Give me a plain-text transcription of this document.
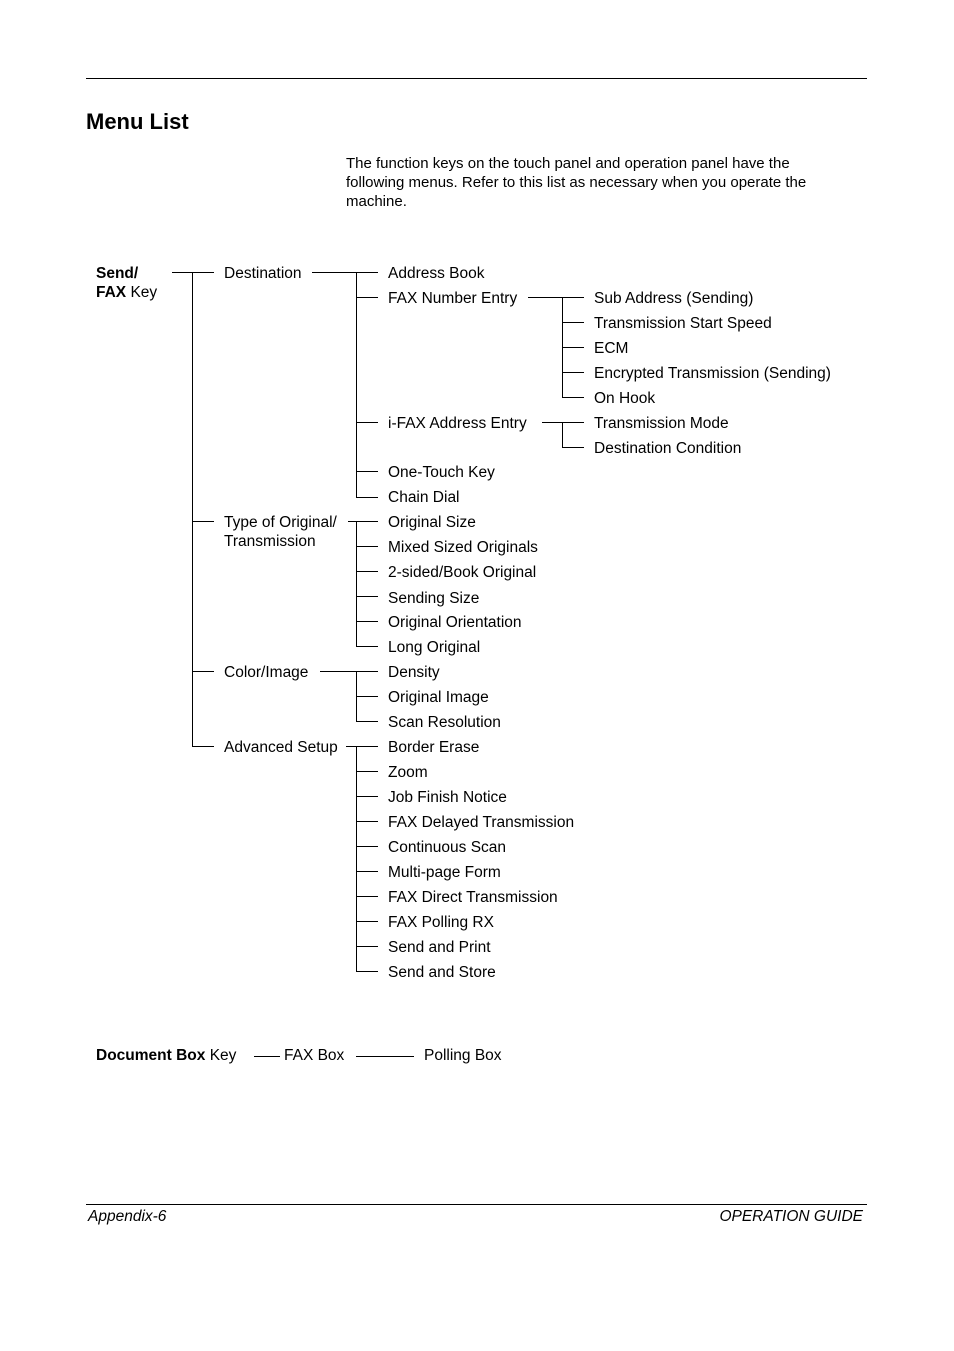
Menu List
The function keys on the touch panel and operation panel have the following menus. Refer to this list as necessary when you operate the machine.
Send/
FAX Key
Destination
Type of Original/
Transmission
Color/Image
Advanced Setup
Address Book
FAX Number Entry
i-FAX Address Entry
One-Touch Key
Chain Dial
Sub Address (Sending)
Transmission Start Speed
ECM
Encrypted Transmission (Sending)
On Hook
Transmission Mode
Destination Condition
Original Size
Mixed Sized Originals
2-sided/Book Original
Sending Size
Original Orientation
Long Original
Density
Original Image
Scan Resolution
Border Erase
Zoom
Job Finish Notice
FAX Delayed Transmission
Continuous Scan
Multi-page Form
FAX Direct Transmission
FAX Polling RX
Send and Print
Send and Store
Document Box Key	FAX Box	Polling Box
Appendix-6	OPERATION GUIDE
